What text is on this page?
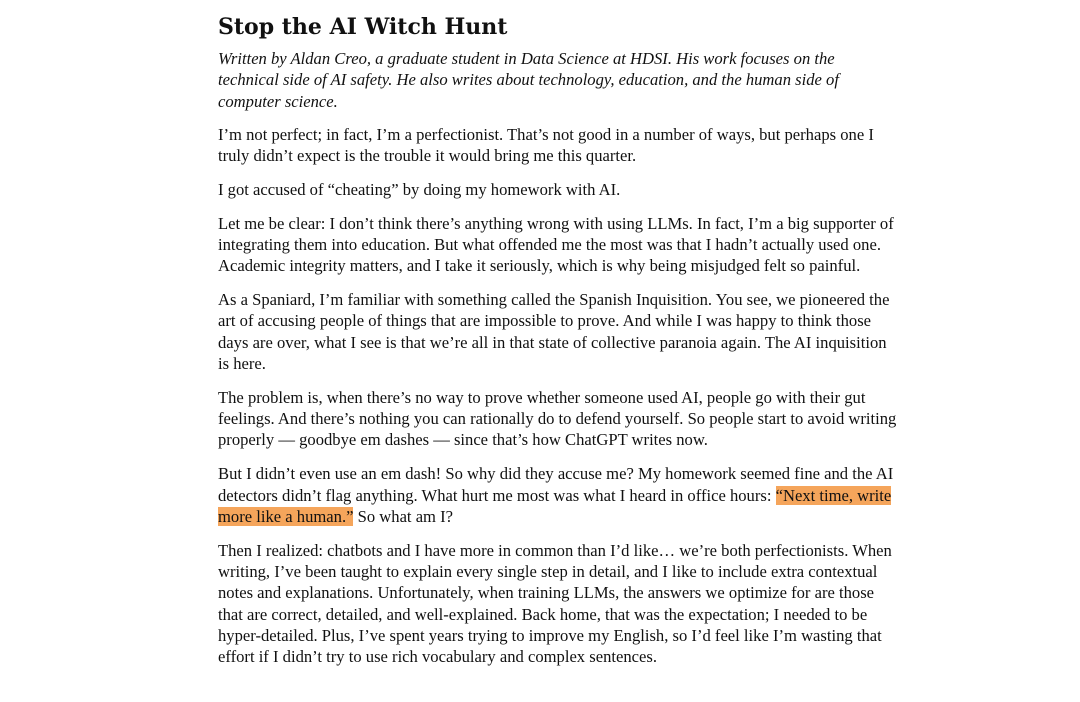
Stop the AI Witch Hunt

Written by Aldan Creo, a graduate student in Data Science at HDSI. His work focuses on the technical side of AI safety. He also writes about technology, education, and the human side of computer science.

I’m not perfect; in fact, I’m a perfectionist. That’s not good in a number of ways, but perhaps one I truly didn’t expect is the trouble it would bring me this quarter.

I got accused of “cheating” by doing my homework with AI.

Let me be clear: I don’t think there’s anything wrong with using LLMs. In fact, I’m a big supporter of integrating them into education. But what offended me the most was that I hadn’t actually used one. Academic integrity matters, and I take it seriously, which is why being misjudged felt so painful.

As a Spaniard, I’m familiar with something called the Spanish Inquisition. You see, we pioneered the art of accusing people of things that are impossible to prove. And while I was happy to think those days are over, what I see is that we’re all in that state of collective paranoia again. The AI inquisition is here.

The problem is, when there’s no way to prove whether someone used AI, people go with their gut feelings. And there’s nothing you can rationally do to defend yourself. So people start to avoid writing properly — goodbye em dashes — since that’s how ChatGPT writes now.

But I didn’t even use an em dash! So why did they accuse me? My homework seemed fine and the AI detectors didn’t flag anything. What hurt me most was what I heard in office hours: “Next time, write more like a human.” So what am I?

Then I realized: chatbots and I have more in common than I’d like… we’re both perfectionists. When writing, I’ve been taught to explain every single step in detail, and I like to include extra contextual notes and explanations. Unfortunately, when training LLMs, the answers we optimize for are those that are correct, detailed, and well-explained. Back home, that was the expectation; I needed to be hyper-detailed. Plus, I’ve spent years trying to improve my English, so I’d feel like I’m wasting that effort if I didn’t try to use rich vocabulary and complex sentences.
